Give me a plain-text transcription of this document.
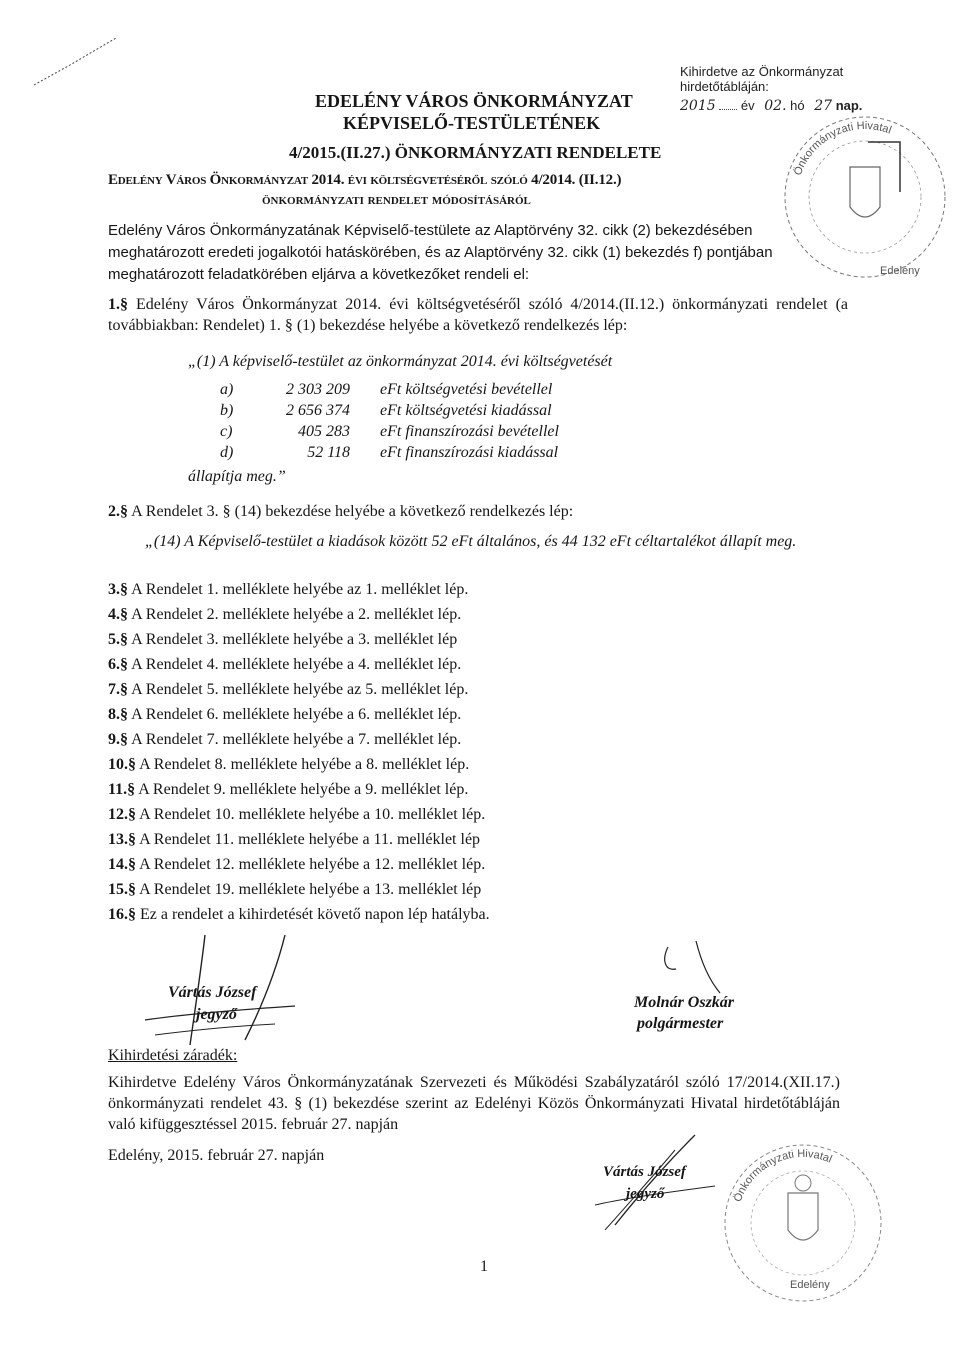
Kihirdetve az Önkormányzat
hirdetőtábláján:
2015 év 02. hó 27 nap.
EDELÉNY VÁROS ÖNKORMÁNYZAT
KÉPVISELŐ-TESTÜLETÉNEK
4/2015.(II.27.) ÖNKORMÁNYZATI RENDELETE
Edelény Város Önkormányzat 2014. évi költségvetéséről szóló 4/2014. (II.12.)
önkormányzati rendelet módosításáról
Edelény Város Önkormányzatának Képviselő-testülete az Alaptörvény 32. cikk (2) bekezdésében meghatározott eredeti jogalkotói hatáskörében, és az Alaptörvény 32. cikk (1) bekezdés f) pontjában meghatározott feladatkörében eljárva a következőket rendeli el:
1.§ Edelény Város Önkormányzat 2014. évi költségvetéséről szóló 4/2014.(II.12.) önkormányzati rendelet (a továbbiakban: Rendelet) 1. § (1) bekezdése helyébe a következő rendelkezés lép:
„(1) A képviselő-testület az önkormányzat 2014. évi költségvetését
a)	2 303 209 eFt költségvetési bevétellel
b)	2 656 374 eFt költségvetési kiadással
c)	405 283 eFt finanszírozási bevétellel
d)	52 118 eFt finanszírozási kiadással
állapítja meg.”
2.§ A Rendelet 3. § (14) bekezdése helyébe a következő rendelkezés lép:
„(14) A Képviselő-testület a kiadások között 52 eFt általános, és 44 132 eFt céltartalékot állapít meg.
3.§ A Rendelet 1. melléklete helyébe az 1. melléklet lép.
4.§ A Rendelet 2. melléklete helyébe a 2. melléklet lép.
5.§ A Rendelet 3. melléklete helyébe a 3. melléklet lép
6.§ A Rendelet 4. melléklete helyébe a 4. melléklet lép.
7.§ A Rendelet 5. melléklete helyébe az 5. melléklet lép.
8.§ A Rendelet 6. melléklete helyébe a 6. melléklet lép.
9.§ A Rendelet 7. melléklete helyébe a 7. melléklet lép.
10.§ A Rendelet 8. melléklete helyébe a 8. melléklet lép.
11.§ A Rendelet 9. melléklete helyébe a 9. melléklet lép.
12.§ A Rendelet 10. melléklete helyébe a 10. melléklet lép.
13.§ A Rendelet 11. melléklete helyébe a 11. melléklet lép
14.§ A Rendelet 12. melléklete helyébe a 12. melléklet lép.
15.§ A Rendelet 19. melléklete helyébe a 13. melléklet lép
16.§ Ez a rendelet a kihirdetését követő napon lép hatályba.
Vártás József
jegyző
Molnár Oszkár
polgármester
Kihirdetési záradék:
Kihirdetve Edelény Város Önkormányzatának Szervezeti és Működési Szabályzatáról szóló 17/2014.(XII.17.) önkormányzati rendelet 43. § (1) bekezdése szerint az Edelényi Közös Önkormányzati Hivatal hirdetőtábláján való kifüggesztéssel 2015. február 27. napján
Edelény, 2015. február 27. napján
Vártás József
jegyző
1
Önkormányzati Hivatal
Edelény
Önkormányzati Hivatal
Edelény
